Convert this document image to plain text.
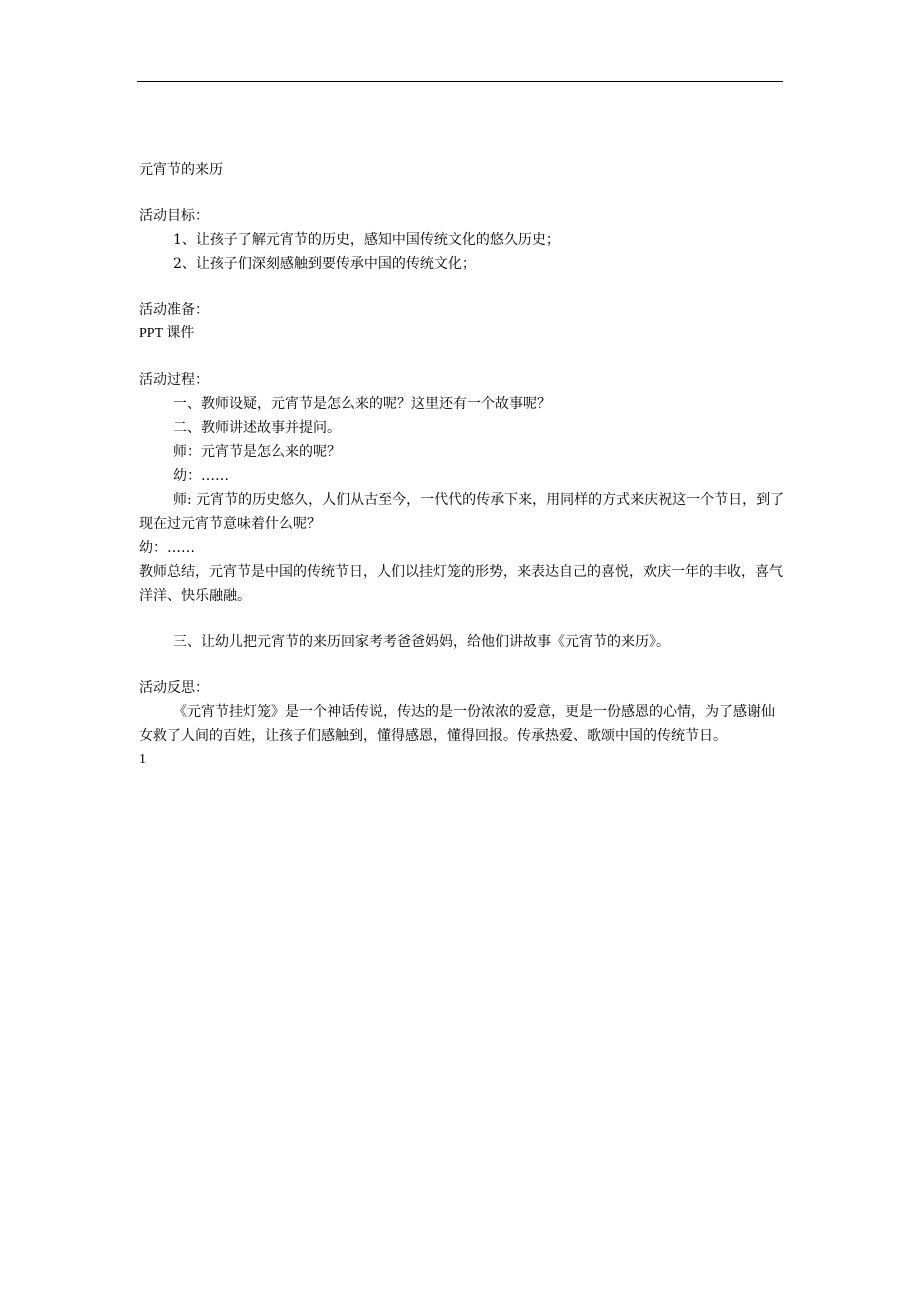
元宵节的来历
活动目标：
1、让孩子了解元宵节的历史，感知中国传统文化的悠久历史；
2、让孩子们深刻感触到要传承中国的传统文化；
活动准备：
PPT 课件
活动过程：
一、教师设疑，元宵节是怎么来的呢？这里还有一个故事呢？
二、教师讲述故事并提问。
师：元宵节是怎么来的呢？
幼：……
师: 元宵节的历史悠久，人们从古至今，一代代的传承下来，用同样的方式来庆祝这一个节日，到了现在过元宵节意味着什么呢？
幼：……
教师总结，元宵节是中国的传统节日，人们以挂灯笼的形势，来表达自己的喜悦，欢庆一年的丰收，喜气洋洋、快乐融融。
三、让幼儿把元宵节的来历回家考考爸爸妈妈，给他们讲故事《元宵节的来历》。
活动反思：
《元宵节挂灯笼》是一个神话传说，传达的是一份浓浓的爱意，更是一份感恩的心情，为了感谢仙女救了人间的百姓，让孩子们感触到，懂得感恩，懂得回报。传承热爱、歌颂中国的传统节日。
1
